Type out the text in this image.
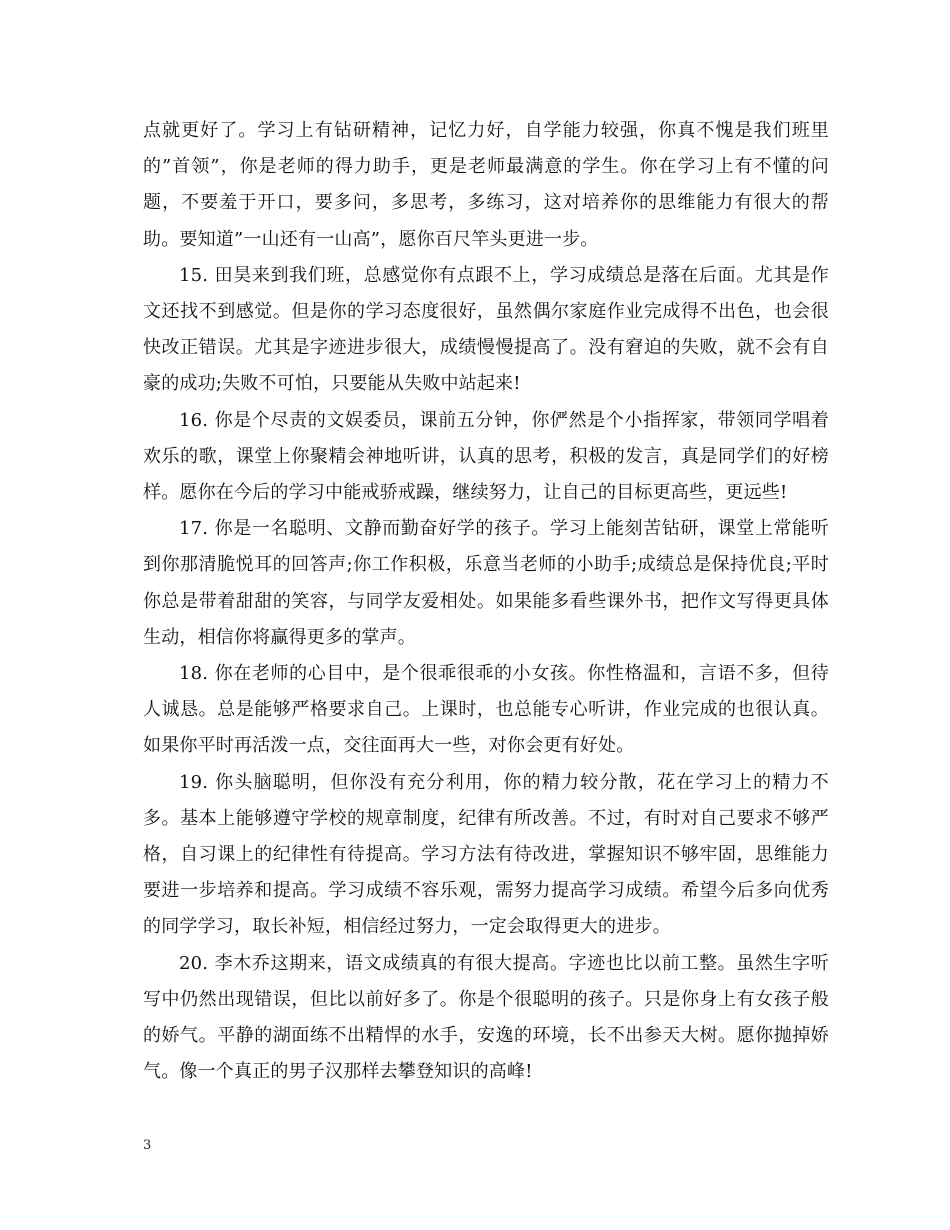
点就更好了。学习上有钻研精神，记忆力好，自学能力较强，你真不愧是我们班里的”首领”，你是老师的得力助手，更是老师最满意的学生。你在学习上有不懂的问题，不要羞于开口，要多问，多思考，多练习，这对培养你的思维能力有很大的帮助。要知道”一山还有一山高”，愿你百尺竿头更进一步。

15. 田昊来到我们班，总感觉你有点跟不上，学习成绩总是落在后面。尤其是作文还找不到感觉。但是你的学习态度很好，虽然偶尔家庭作业完成得不出色，也会很快改正错误。尤其是字迹进步很大，成绩慢慢提高了。没有窘迫的失败，就不会有自豪的成功;失败不可怕，只要能从失败中站起来!

16. 你是个尽责的文娱委员，课前五分钟，你俨然是个小指挥家，带领同学唱着欢乐的歌，课堂上你聚精会神地听讲，认真的思考，积极的发言，真是同学们的好榜样。愿你在今后的学习中能戒骄戒躁，继续努力，让自己的目标更高些，更远些!

17. 你是一名聪明、文静而勤奋好学的孩子。学习上能刻苦钻研，课堂上常能听到你那清脆悦耳的回答声;你工作积极，乐意当老师的小助手;成绩总是保持优良;平时你总是带着甜甜的笑容，与同学友爱相处。如果能多看些课外书，把作文写得更具体生动，相信你将赢得更多的掌声。

18. 你在老师的心目中，是个很乖很乖的小女孩。你性格温和，言语不多，但待人诚恳。总是能够严格要求自己。上课时，也总能专心听讲，作业完成的也很认真。如果你平时再活泼一点，交往面再大一些，对你会更有好处。

19. 你头脑聪明，但你没有充分利用，你的精力较分散，花在学习上的精力不多。基本上能够遵守学校的规章制度，纪律有所改善。不过，有时对自己要求不够严格，自习课上的纪律性有待提高。学习方法有待改进，掌握知识不够牢固，思维能力要进一步培养和提高。学习成绩不容乐观，需努力提高学习成绩。希望今后多向优秀的同学学习，取长补短，相信经过努力，一定会取得更大的进步。

20. 李木乔这期来，语文成绩真的有很大提高。字迹也比以前工整。虽然生字听写中仍然出现错误，但比以前好多了。你是个很聪明的孩子。只是你身上有女孩子般的娇气。平静的湖面练不出精悍的水手，安逸的环境，长不出参天大树。愿你抛掉娇气。像一个真正的男子汉那样去攀登知识的高峰!

3
